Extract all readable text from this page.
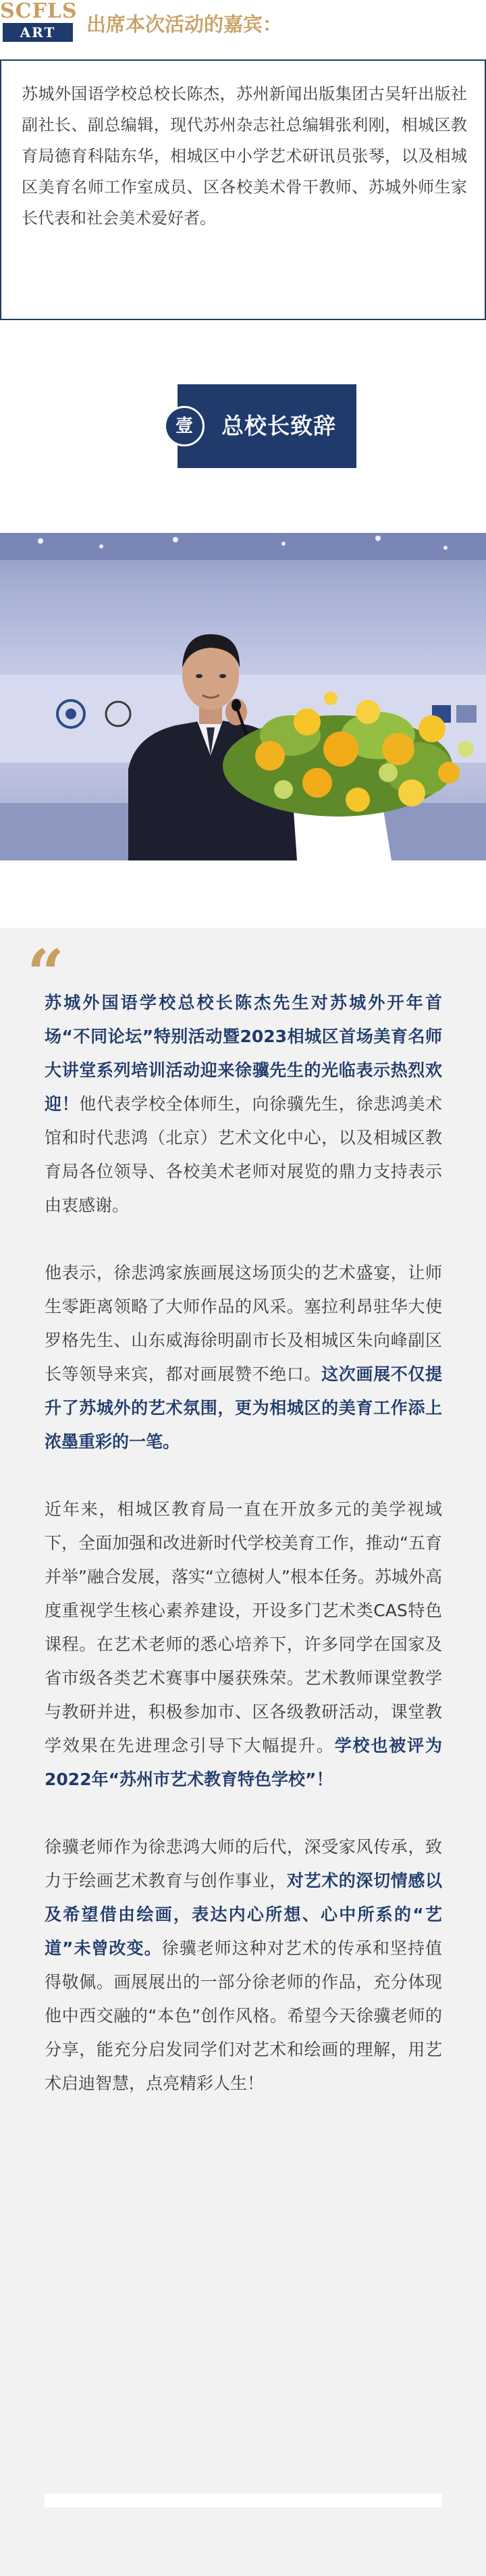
SCFLS
ART	出席本次活动的嘉宾：

苏城外国语学校总校长陈杰，苏州新闻出版集团古吴轩出版社副社长、副总编辑，现代苏州杂志社总编辑张利刚，相城区教育局德育科陆东华，相城区中小学艺术研讯员张琴，以及相城区美育名师工作室成员、区各校美术骨干教师、苏城外师生家长代表和社会美术爱好者。

壹	总校长致辞
“

苏城外国语学校总校长陈杰先生对苏城外开年首场“不同论坛”特别活动暨2023相城区首场美育名师大讲堂系列培训活动迎来徐骥先生的光临表示热烈欢迎！他代表学校全体师生，向徐骥先生，徐悲鸿美术馆和时代悲鸿（北京）艺术文化中心，以及相城区教育局各位领导、各校美术老师对展览的鼎力支持表示由衷感谢。

他表示，徐悲鸿家族画展这场顶尖的艺术盛宴，让师生零距离领略了大师作品的风采。塞拉利昂驻华大使罗格先生、山东威海徐明副市长及相城区朱向峰副区长等领导来宾，都对画展赞不绝口。这次画展不仅提升了苏城外的艺术氛围，更为相城区的美育工作添上浓墨重彩的一笔。

近年来，相城区教育局一直在开放多元的美学视域下，全面加强和改进新时代学校美育工作，推动“五育并举”融合发展，落实“立德树人”根本任务。苏城外高度重视学生核心素养建设，开设多门艺术类CAS特色课程。在艺术老师的悉心培养下，许多同学在国家及省市级各类艺术赛事中屡获殊荣。艺术教师课堂教学与教研并进，积极参加市、区各级教研活动，课堂教学效果在先进理念引导下大幅提升。学校也被评为2022年“苏州市艺术教育特色学校”！

徐骥老师作为徐悲鸿大师的后代，深受家风传承，致力于绘画艺术教育与创作事业，对艺术的深切情感以及希望借由绘画，表达内心所想、心中所系的“艺道”未曾改变。徐骥老师这种对艺术的传承和坚持值得敬佩。画展展出的一部分徐老师的作品，充分体现他中西交融的“本色”创作风格。希望今天徐骥老师的分享，能充分启发同学们对艺术和绘画的理解，用艺术启迪智慧，点亮精彩人生！
